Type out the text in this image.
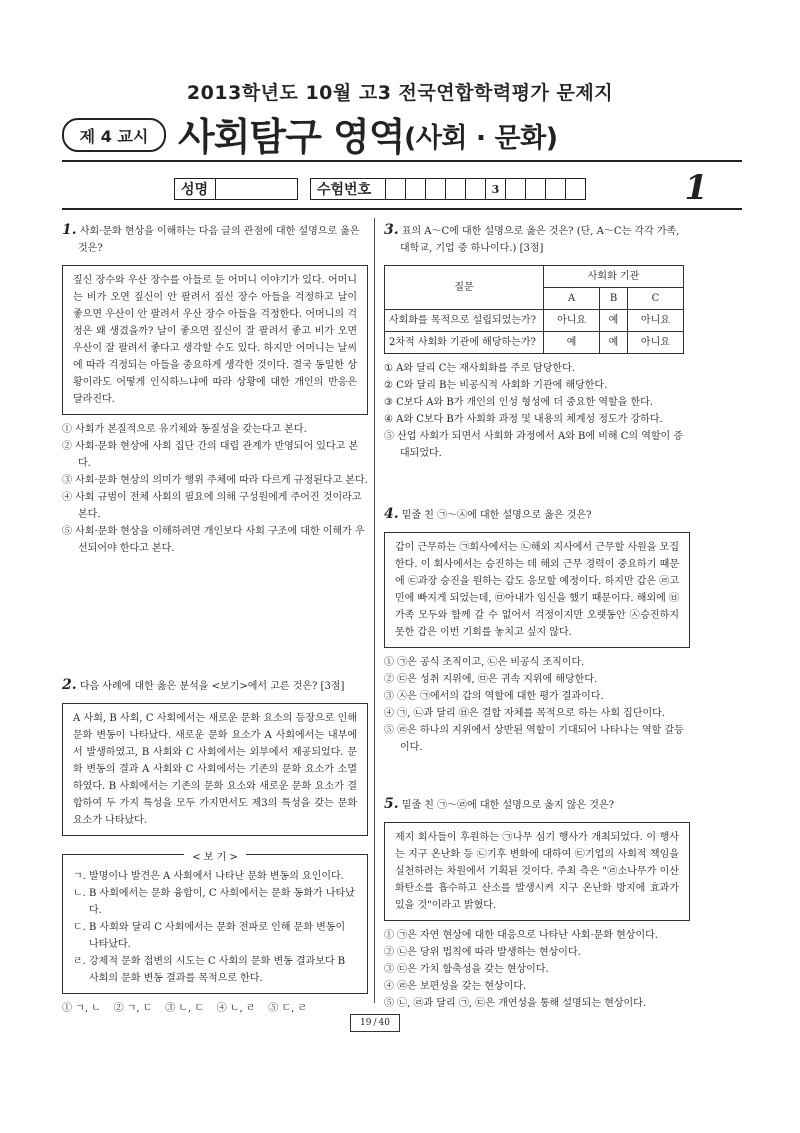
2013학년도 10월 고3 전국연합학력평가 문제지
제 4 교시 사회탐구 영역 (사회 · 문화)
성명	수험번호	3	1
1. 사회·문화 현상을 이해하는 다음 글의 관점에 대한 설명으로 옳은 것은?
짚신 장수와 우산 장수를 아들로 둔 어머니 이야기가 있다. 어머니는 비가 오면 짚신이 안 팔려서 짚신 장수 아들을 걱정하고 날이 좋으면 우산이 안 팔려서 우산 장수 아들을 걱정한다. 어머니의 걱정은 왜 생겼을까? 날이 좋으면 짚신이 잘 팔려서 좋고 비가 오면 우산이 잘 팔려서 좋다고 생각할 수도 있다. 하지만 어머니는 날씨에 따라 걱정되는 아들을 중요하게 생각한 것이다. 결국 동일한 상황이라도 어떻게 인식하느냐에 따라 상황에 대한 개인의 반응은 달라진다.
① 사회가 본질적으로 유기체와 동질성을 갖는다고 본다.
② 사회·문화 현상에 사회 집단 간의 대립 관계가 반영되어 있다고 본다.
③ 사회·문화 현상의 의미가 행위 주체에 따라 다르게 규정된다고 본다.
④ 사회 규범이 전체 사회의 필요에 의해 구성원에게 주어진 것이라고 본다.
⑤ 사회·문화 현상을 이해하려면 개인보다 사회 구조에 대한 이해가 우선되어야 한다고 본다.
2. 다음 사례에 대한 옳은 분석을 <보기>에서 고른 것은? [3점]
A 사회, B 사회, C 사회에서는 새로운 문화 요소의 등장으로 인해 문화 변동이 나타났다. 새로운 문화 요소가 A 사회에서는 내부에서 발생하였고, B 사회와 C 사회에서는 외부에서 제공되었다. 문화 변동의 결과 A 사회와 C 사회에서는 기존의 문화 요소가 소멸하였다. B 사회에서는 기존의 문화 요소와 새로운 문화 요소가 결합하여 두 가지 특성을 모두 가지면서도 제3의 특성을 갖는 문화 요소가 나타났다.
< 보 기 >
ㄱ. 발명이나 발견은 A 사회에서 나타난 문화 변동의 요인이다.
ㄴ. B 사회에서는 문화 융합이, C 사회에서는 문화 동화가 나타났다.
ㄷ. B 사회와 달리 C 사회에서는 문화 전파로 인해 문화 변동이 나타났다.
ㄹ. 강제적 문화 접변의 시도는 C 사회의 문화 변동 결과보다 B 사회의 문화 변동 결과를 목적으로 한다.
① ㄱ, ㄴ    ② ㄱ, ㄷ    ③ ㄴ, ㄷ    ④ ㄴ, ㄹ    ⑤ ㄷ, ㄹ
3. 표의 A～C에 대한 설명으로 옳은 것은? (단, A～C는 각각 가족, 대학교, 기업 중 하나이다.) [3점]
질문	사회화 기관		
	A	B	C
사회화를 목적으로 설립되었는가?	아니요	예	아니요
2차적 사회화 기관에 해당하는가?	예	예	아니요
① A와 달리 C는 재사회화를 주로 담당한다.
② C와 달리 B는 비공식적 사회화 기관에 해당한다.
③ C보다 A와 B가 개인의 인성 형성에 더 중요한 역할을 한다.
④ A와 C보다 B가 사회화 과정 및 내용의 체계성 정도가 강하다.
⑤ 산업 사회가 되면서 사회화 과정에서 A와 B에 비해 C의 역할이 증대되었다.
4. 밑줄 친 ㉠～㉦에 대한 설명으로 옳은 것은?
갑이 근무하는 ㉠회사에서는 ㉡해외 지사에서 근무할 사원을 모집한다. 이 회사에서는 승진하는 데 해외 근무 경력이 중요하기 때문에 ㉢과장 승진을 원하는 갑도 응모할 예정이다. 하지만 갑은 ㉣고민에 빠지게 되었는데, ㉤아내가 임신을 했기 때문이다. 해외에 ㉥가족 모두와 함께 갈 수 없어서 걱정이지만 오랫동안 ㉦승진하지 못한 갑은 이번 기회를 놓치고 싶지 않다.
① ㉠은 공식 조직이고, ㉡은 비공식 조직이다.
② ㉢은 성취 지위에, ㉤은 귀속 지위에 해당한다.
③ ㉦은 ㉠에서의 갑의 역할에 대한 평가 결과이다.
④ ㉠, ㉡과 달리 ㉥은 결합 자체를 목적으로 하는 사회 집단이다.
⑤ ㉣은 하나의 지위에서 상반된 역할이 기대되어 나타나는 역할 갈등이다.
5. 밑줄 친 ㉠～㉣에 대한 설명으로 옳지 않은 것은?
제지 회사들이 후원하는 ㉠나무 심기 행사가 개최되었다. 이 행사는 지구 온난화 등 ㉡기후 변화에 대하여 ㉢기업의 사회적 책임을 실천하려는 차원에서 기획된 것이다. 주최 측은 "㉣소나무가 이산화탄소를 흡수하고 산소를 발생시켜 지구 온난화 방지에 효과가 있을 것"이라고 밝혔다.
① ㉠은 자연 현상에 대한 대응으로 나타난 사회·문화 현상이다.
② ㉡은 당위 법칙에 따라 발생하는 현상이다.
③ ㉢은 가치 함축성을 갖는 현상이다.
④ ㉣은 보편성을 갖는 현상이다.
⑤ ㉡, ㉣과 달리 ㉠, ㉢은 개연성을 통해 설명되는 현상이다.
19 / 40
